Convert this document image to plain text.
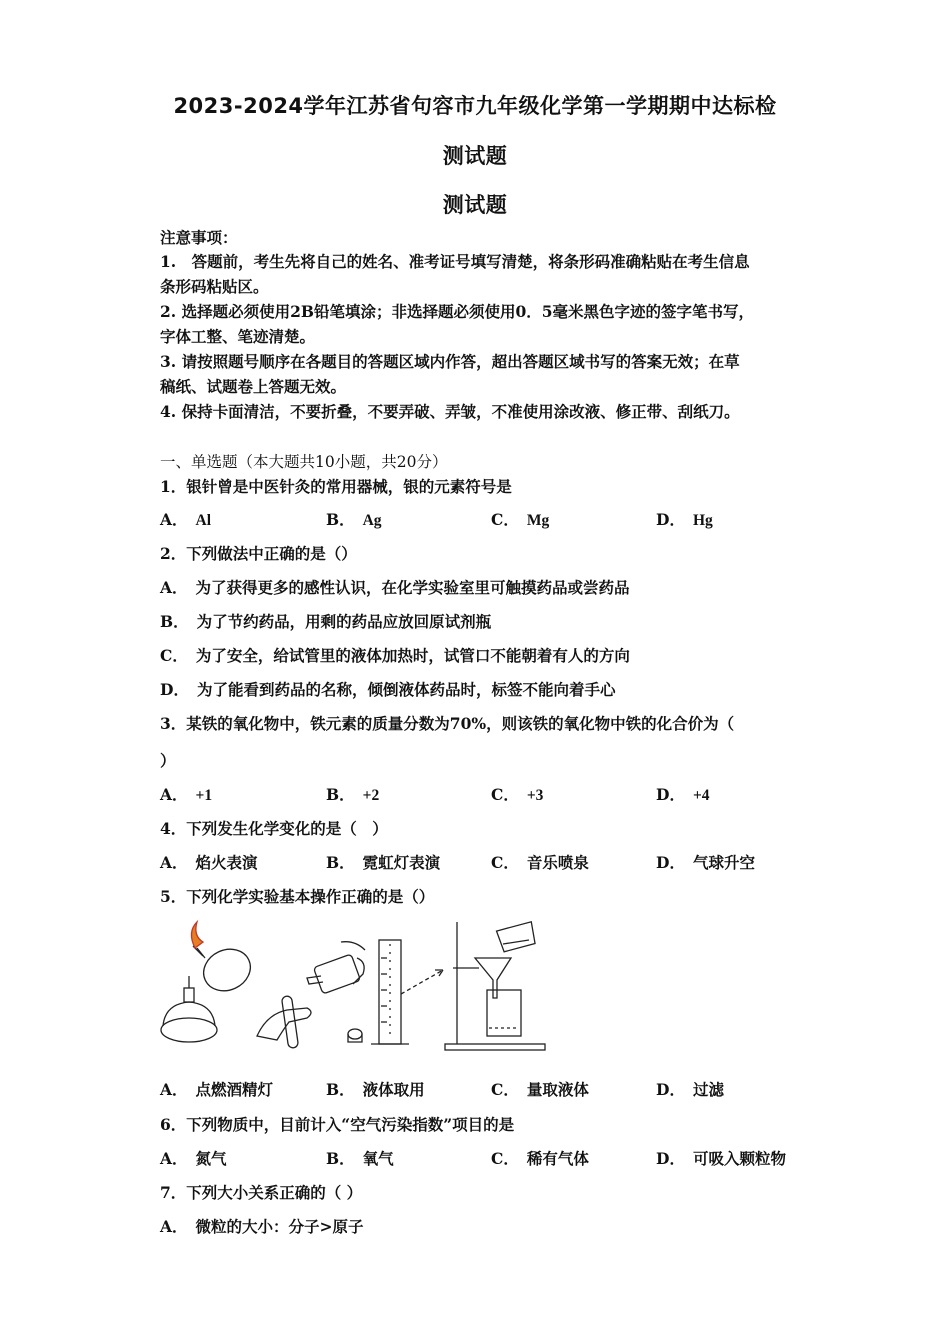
2023-2024学年江苏省句容市九年级化学第一学期期中达标检
测试题
测试题
注意事项：
1.　答题前，考生先将自己的姓名、准考证号填写清楚，将条形码准确粘贴在考生信息
条形码粘贴区。
2. 选择题必须使用2B铅笔填涂；非选择题必须使用0．5毫米黑色字迹的签字笔书写，
字体工整、笔迹清楚。
3. 请按照题号顺序在各题目的答题区域内作答，超出答题区域书写的答案无效；在草
稿纸、试题卷上答题无效。
4. 保持卡面清洁，不要折叠，不要弄破、弄皱，不准使用涂改液、修正带、刮纸刀。
一、单选题（本大题共10小题，共20分）
1．银针曾是中医针灸的常用器械，银的元素符号是
A． Al	B． Ag	C． Mg	D． Hg
2．下列做法中正确的是（）
A． 为了获得更多的感性认识，在化学实验室里可触摸药品或尝药品
B． 为了节约药品，用剩的药品应放回原试剂瓶
C． 为了安全，给试管里的液体加热时，试管口不能朝着有人的方向
D． 为了能看到药品的名称，倾倒液体药品时，标签不能向着手心
3．某铁的氧化物中，铁元素的质量分数为70%，则该铁的氧化物中铁的化合价为（
）
A． +1	B． +2	C． +3	D． +4
4．下列发生化学变化的是（　）
A． 焰火表演	B． 霓虹灯表演	C． 音乐喷泉	D． 气球升空
5．下列化学实验基本操作正确的是（）
A． 点燃酒精灯	B． 液体取用	C． 量取液体	D． 过滤
6．下列物质中，目前计入“空气污染指数”项目的是
A． 氮气	B． 氧气	C． 稀有气体	D． 可吸入颗粒物
7．下列大小关系正确的（ ）
A． 微粒的大小：分子>原子
